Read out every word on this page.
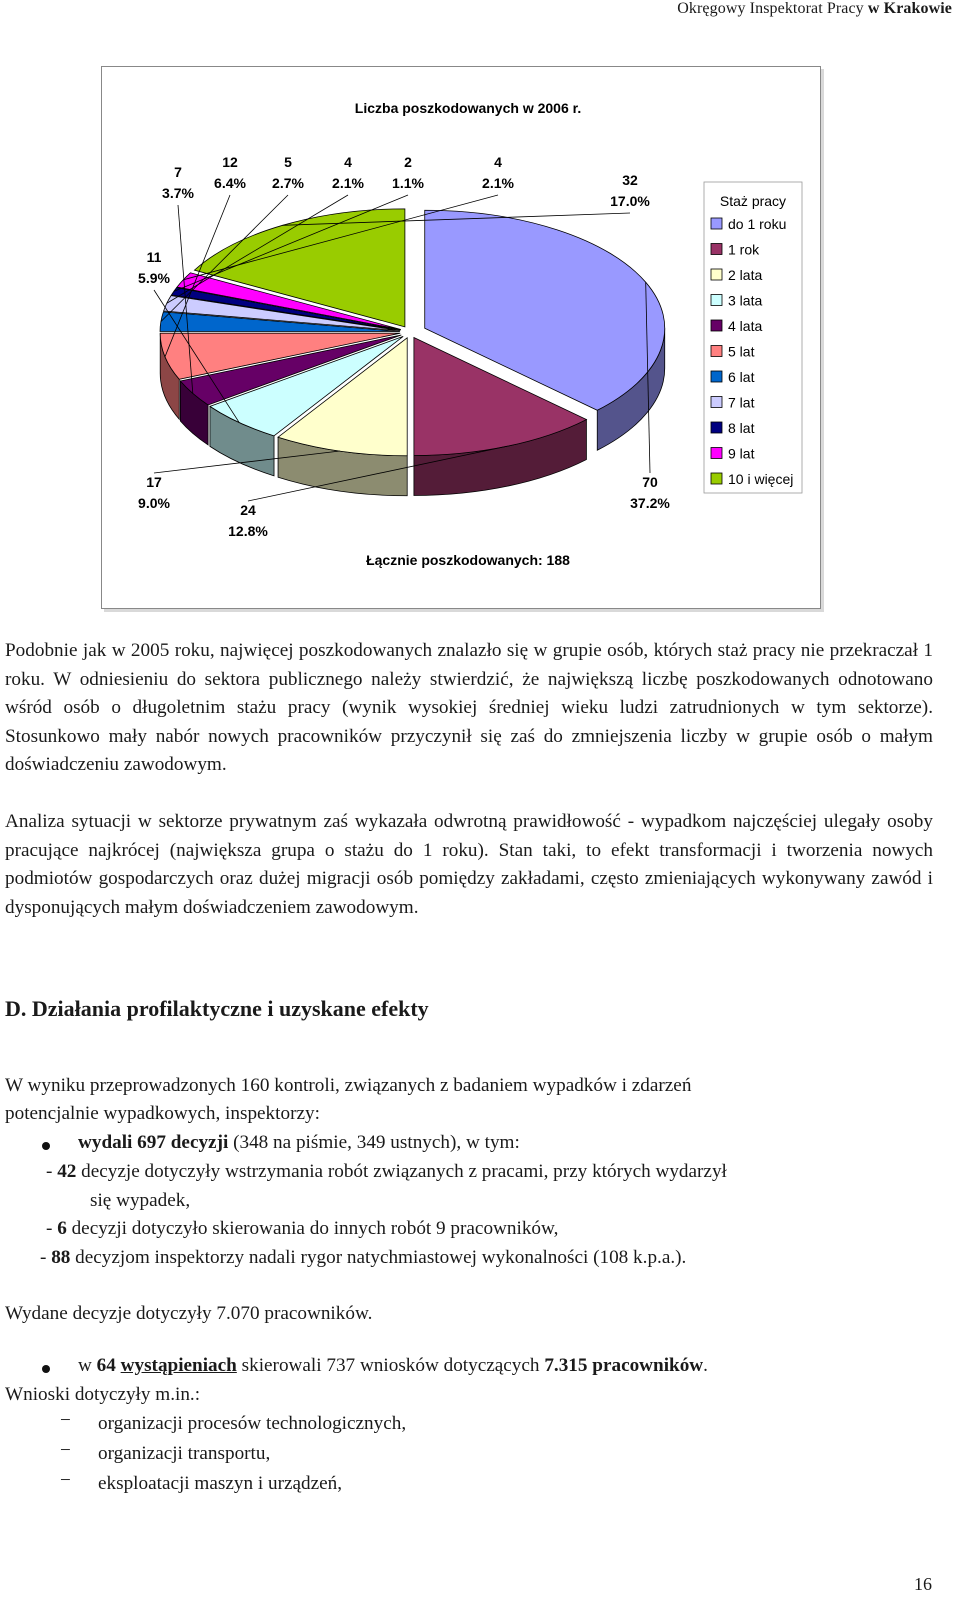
Okręgowy Inspektorat Pracy w Krakowie
Liczba poszkodowanych w 2006 r.
70
37.2%
24
12.8%
17
9.0%
11
5.9%
7
3.7%
12
6.4%
5
2.7%
4
2.1%
2
1.1%
4
2.1%	32
17.0%	Staż pracy
do 1 roku
1 rok
2 lata
3 lata
4 lata
5 lat
6 lat
7 lat
8 lat
9 lat
10 i więcej
Łącznie poszkodowanych: 188

Podobnie jak w 2005 roku, najwięcej poszkodowanych znalazło się w grupie osób, których staż pracy nie przekraczał 1 roku. W odniesieniu do sektora publicznego należy stwierdzić, że największą liczbę poszkodowanych odnotowano wśród osób o długoletnim stażu pracy (wynik wysokiej średniej wieku ludzi zatrudnionych w tym sektorze). Stosunkowo mały nabór nowych pracowników przyczynił się zaś do zmniejszenia liczby w grupie osób o małym doświadczeniu zawodowym.

Analiza sytuacji w sektorze prywatnym zaś wykazała odwrotną prawidłowość - wypadkom najczęściej ulegały osoby pracujące najkrócej (największa grupa o stażu do 1 roku). Stan taki, to efekt transformacji i tworzenia nowych podmiotów gospodarczych oraz dużej migracji osób pomiędzy zakładami, często zmieniających wykonywany zawód i dysponujących małym doświadczeniem zawodowym.

D. Działania profilaktyczne i uzyskane efekty

W wyniku przeprowadzonych 160 kontroli, związanych z badaniem wypadków i zdarzeń

potencjalnie wypadkowych, inspektorzy:

wydali 697 decyzji (348 na piśmie, 349 ustnych), w tym:

- 42 decyzje dotyczyły wstrzymania robót związanych z pracami, przy których wydarzył

się wypadek,

- 6 decyzji dotyczyło skierowania do innych robót 9 pracowników,

- 88 decyzjom inspektorzy nadali rygor natychmiastowej wykonalności (108 k.p.a.).

Wydane decyzje dotyczyły 7.070 pracowników.

w 64 wystąpieniach skierowali 737 wniosków dotyczących 7.315 pracowników.

Wnioski dotyczyły m.in.:

− organizacji procesów technologicznych,

− organizacji transportu,

− eksploatacji maszyn i urządzeń,

16
